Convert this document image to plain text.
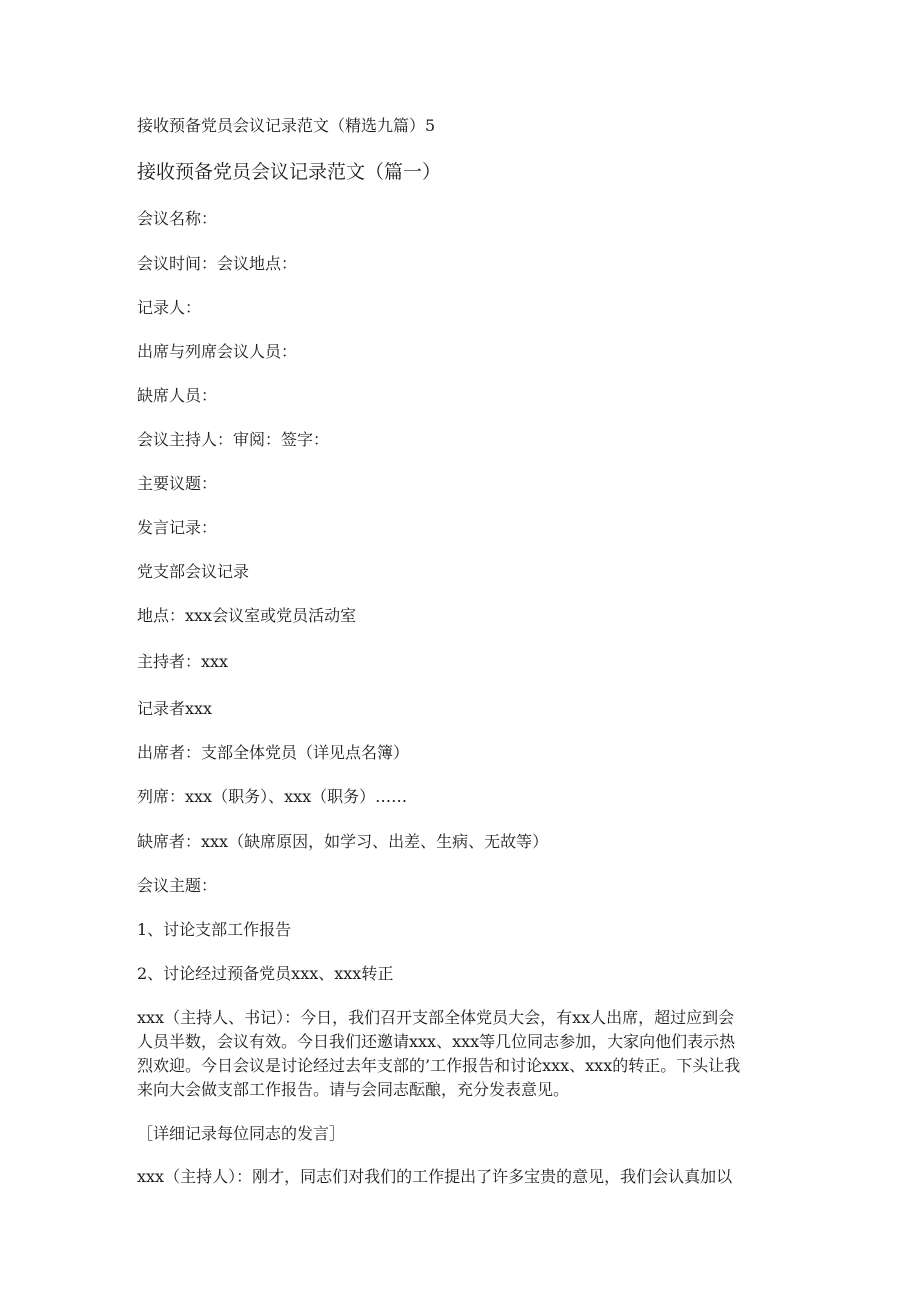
接收预备党员会议记录范文（精选九篇）5
接收预备党员会议记录范文（篇一）
会议名称：
会议时间：会议地点：
记录人：
出席与列席会议人员：
缺席人员：
会议主持人：审阅：签字：
主要议题：
发言记录：
党支部会议记录
地点：xxx会议室或党员活动室
主持者：xxx
记录者xxx
出席者：支部全体党员（详见点名簿）
列席：xxx（职务）、xxx（职务）……
缺席者：xxx（缺席原因，如学习、出差、生病、无故等）
会议主题：
1、讨论支部工作报告
2、讨论经过预备党员xxx、xxx转正
xxx（主持人、书记）：今日，我们召开支部全体党员大会，有xx人出席，超过应到会
人员半数，会议有效。今日我们还邀请xxx、xxx等几位同志参加，大家向他们表示热
烈欢迎。今日会议是讨论经过去年支部的’工作报告和讨论xxx、xxx的转正。下头让我
来向大会做支部工作报告。请与会同志酝酿，充分发表意见。
［详细记录每位同志的发言］
xxx（主持人）：刚才，同志们对我们的工作提出了许多宝贵的意见，我们会认真加以
